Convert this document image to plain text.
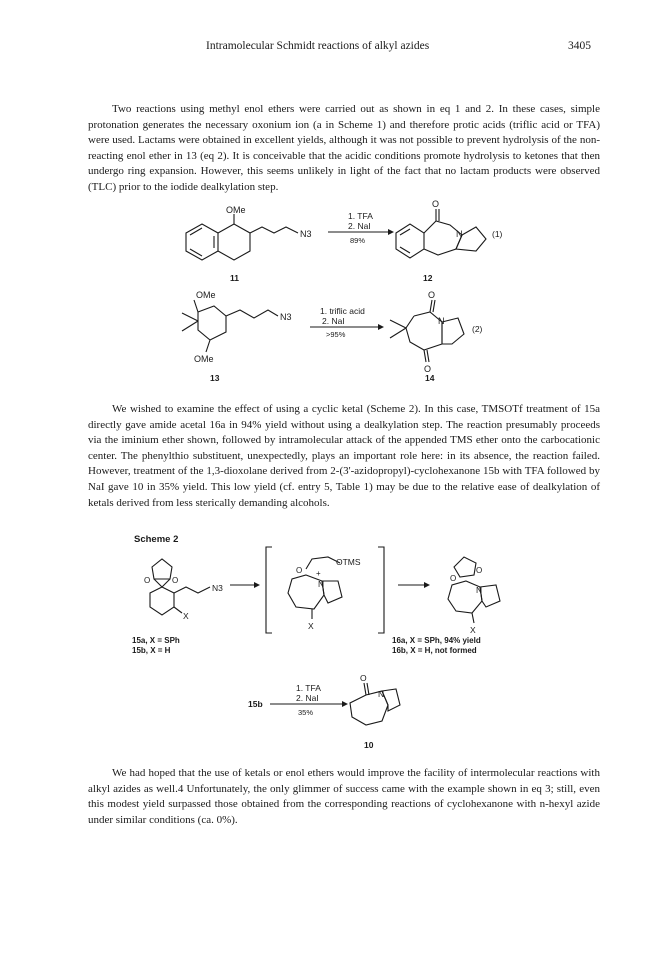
Intramolecular Schmidt reactions of alkyl azides	3405

Two reactions using methyl enol ethers were carried out as shown in eq 1 and 2. In these cases, simple protonation generates the necessary oxonium ion (a in Scheme 1) and therefore protic acids (triflic acid or TFA) were used. Lactams were obtained in excellent yields, although it was not possible to prevent hydrolysis of the non-reacting enol ether in 13 (eq 2). It is conceivable that the acidic conditions promote hydrolysis to ketones that then undergo ring expansion. However, this seems unlikely in light of the fact that no lactam products were observed (TLC) prior to the iodide dealkylation step.

OMe
N3
1. TFA
2. NaI
89%
O
N	(1)
11	12
OMe
OMe
N3
1. triflic acid
2. NaI
>95%
O
O
N
(2)
13	14

We wished to examine the effect of using a cyclic ketal (Scheme 2). In this case, TMSOTf treatment of 15a directly gave amide acetal 16a in 94% yield without using a dealkylation step. The reaction presumably proceeds via the iminium ether shown, followed by intramolecular attack of the appended TMS ether onto the carbocationic center. The phenylthio substituent, unexpectedly, plays an important role here: in its absence, the reaction failed. However, treatment of the 1,3-dioxolane derived from 2-(3'-azidopropyl)-cyclohexanone 15b with TFA followed by NaI gave 10 in 35% yield. This low yield (cf. entry 5, Table 1) may be due to the relative ease of dealkylation of ketals derived from less sterically demanding alcohols.

Scheme 2
O	O
X
N3
O
OTMS
+
N
X
O
O
N
X
15a, X = SPh
15b, X = H
16a, X = SPh, 94% yield
16b, X = H, not formed
15b
1. TFA
2. NaI
35%
O
N
10

We had hoped that the use of ketals or enol ethers would improve the facility of intermolecular reactions with alkyl azides as well.4 Unfortunately, the only glimmer of success came with the example shown in eq 3; still, even this modest yield surpassed those obtained from the corresponding reactions of cyclohexanone with n-hexyl azide under similar conditions (ca. 0%).
